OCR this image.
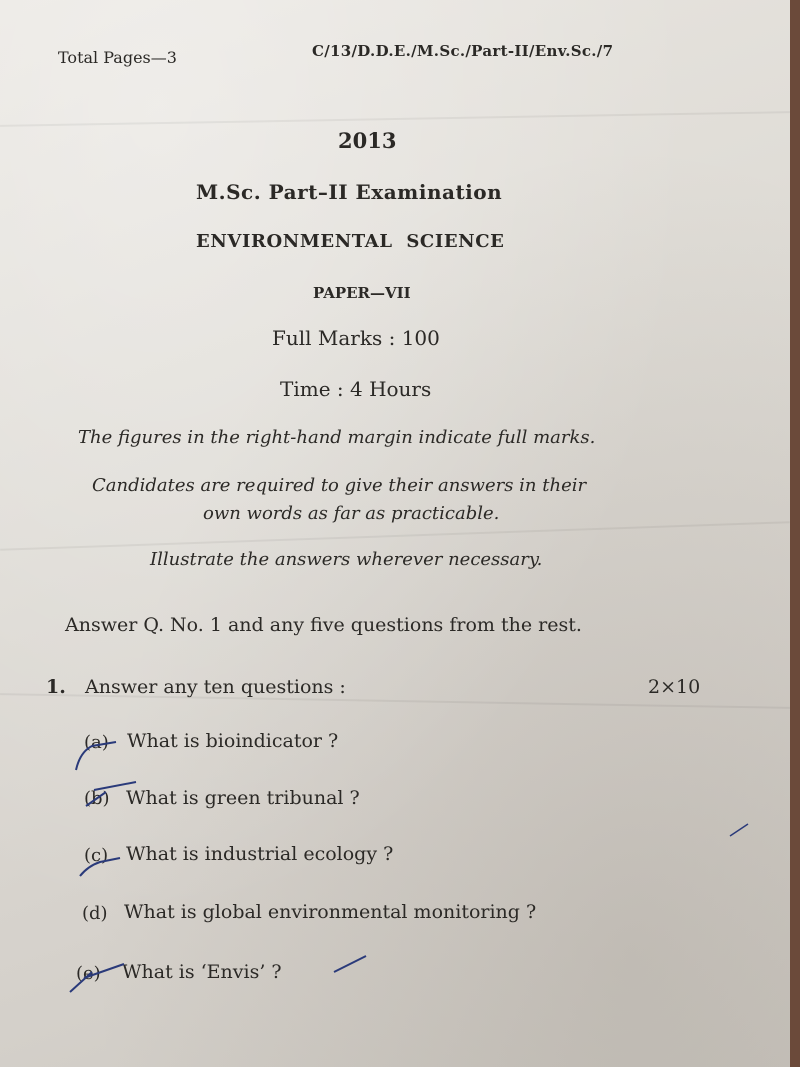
Total Pages—3	C/13/D.D.E./M.Sc./Part-II/Env.Sc./7
2013
M.Sc. Part–II Examination
ENVIRONMENTAL  SCIENCE
PAPER—VII
Full Marks : 100
Time : 4 Hours
The figures in the right-hand margin indicate full marks.
Candidates are required to give their answers in their
own words as far as practicable.
Illustrate the answers wherever necessary.
Answer Q. No. 1 and any five questions from the rest.
1. Answer any ten questions :	2×10
(a) What is bioindicator ?
(b) What is green tribunal ?
(c) What is industrial ecology ?
(d) What is global environmental monitoring ?
(e) What is ‘Envis’ ?
